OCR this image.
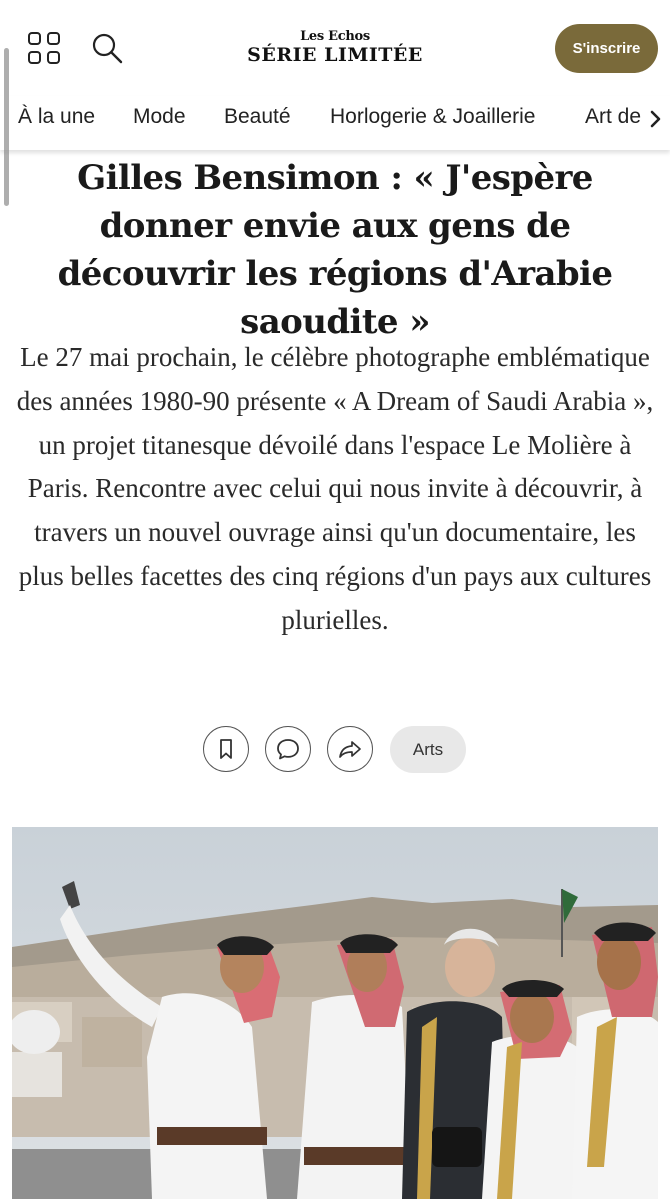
Les Echos
SÉRIE LIMITÉE	S'inscrire
À la une Mode Beauté Horlogerie & Joaillerie Art de
Gilles Bensimon : « J'espère donner envie aux gens de découvrir les régions d'Arabie saoudite »

Le 27 mai prochain, le célèbre photographe emblématique des années 1980-90 présente « A Dream of Saudi Arabia », un projet titanesque dévoilé dans l'espace Le Molière à Paris. Rencontre avec celui qui nous invite à découvrir, à travers un nouvel ouvrage ainsi qu'un documentaire, les plus belles facettes des cinq régions d'un pays aux cultures plurielles.

Arts
